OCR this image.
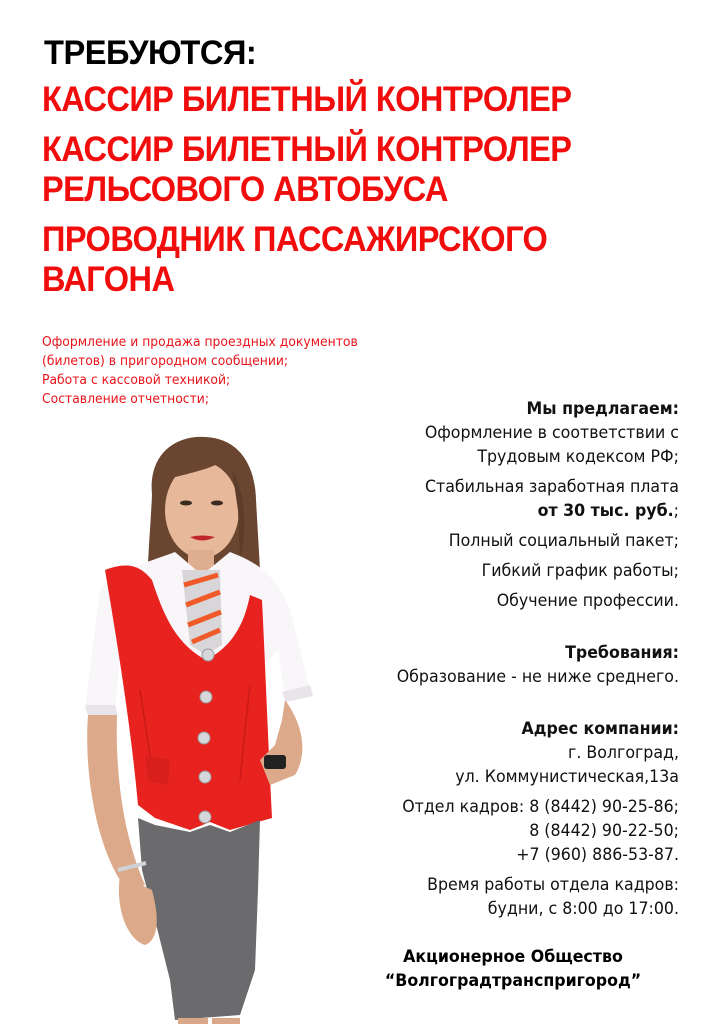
ТРЕБУЮТСЯ:
КАССИР БИЛЕТНЫЙ КОНТРОЛЕР
КАССИР БИЛЕТНЫЙ КОНТРОЛЕР
РЕЛЬСОВОГО АВТОБУСА
ПРОВОДНИК ПАССАЖИРСКОГО
ВАГОНА
Оформление и продажа проездных документов
(билетов) в пригородном сообщении;
Работа с кассовой техникой;
Составление отчетности;	Мы предлагаем:
Оформление в соответствии с
Трудовым кодексом РФ;
Стабильная заработная плата
от 30 тыс. руб.;
Полный социальный пакет;
Гибкий график работы;
Обучение профессии.
Требования:
Образование - не ниже среднего.
Адрес компании:
г. Волгоград,
ул. Коммунистическая,13а
Отдел кадров: 8 (8442) 90-25-86;
8 (8442) 90-22-50;
+7 (960) 886-53-87.
Время работы отдела кадров:
будни, с 8:00 до 17:00.
Акционерное Общество
“Волгоградтранспригород”
